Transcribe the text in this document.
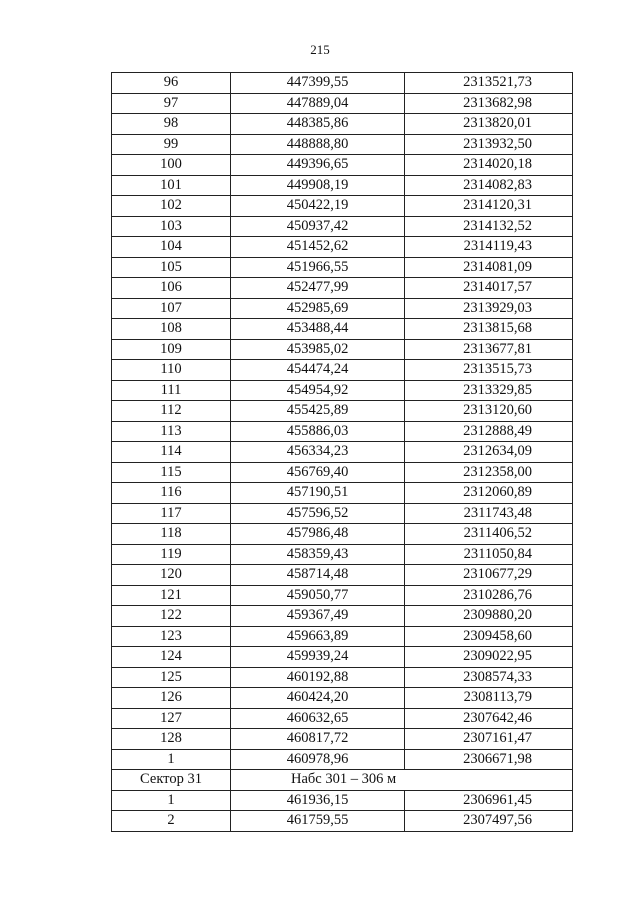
215
96	447399,55	2313521,73
97	447889,04	2313682,98
98	448385,86	2313820,01
99	448888,80	2313932,50
100	449396,65	2314020,18
101	449908,19	2314082,83
102	450422,19	2314120,31
103	450937,42	2314132,52
104	451452,62	2314119,43
105	451966,55	2314081,09
106	452477,99	2314017,57
107	452985,69	2313929,03
108	453488,44	2313815,68
109	453985,02	2313677,81
110	454474,24	2313515,73
111	454954,92	2313329,85
112	455425,89	2313120,60
113	455886,03	2312888,49
114	456334,23	2312634,09
115	456769,40	2312358,00
116	457190,51	2312060,89
117	457596,52	2311743,48
118	457986,48	2311406,52
119	458359,43	2311050,84
120	458714,48	2310677,29
121	459050,77	2310286,76
122	459367,49	2309880,20
123	459663,89	2309458,60
124	459939,24	2309022,95
125	460192,88	2308574,33
126	460424,20	2308113,79
127	460632,65	2307642,46
128	460817,72	2307161,47
1	460978,96	2306671,98
Сектор 31	Набс 301 – 306 м	
1	461936,15	2306961,45
2	461759,55	2307497,56
